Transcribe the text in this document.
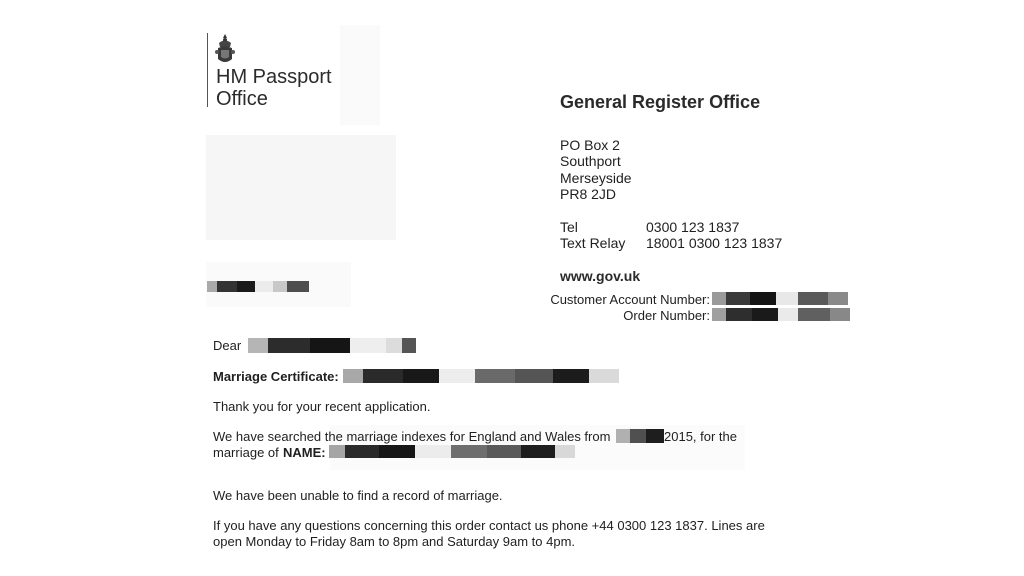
HM Passport
Office	General Register Office
PO Box 2
Southport
Merseyside
PR8 2JD
Tel	0300 123 1837
Text Relay 18001 0300 123 1837
www.gov.uk
Customer Account Number:
Order Number:
Dear
Marriage Certificate:
Thank you for your recent application.
We have searched the marriage indexes for England and Wales from	2015, for the
marriage of NAME:
We have been unable to find a record of marriage.
If you have any questions concerning this order contact us phone +44 0300 123 1837. Lines are
open Monday to Friday 8am to 8pm and Saturday 9am to 4pm.
